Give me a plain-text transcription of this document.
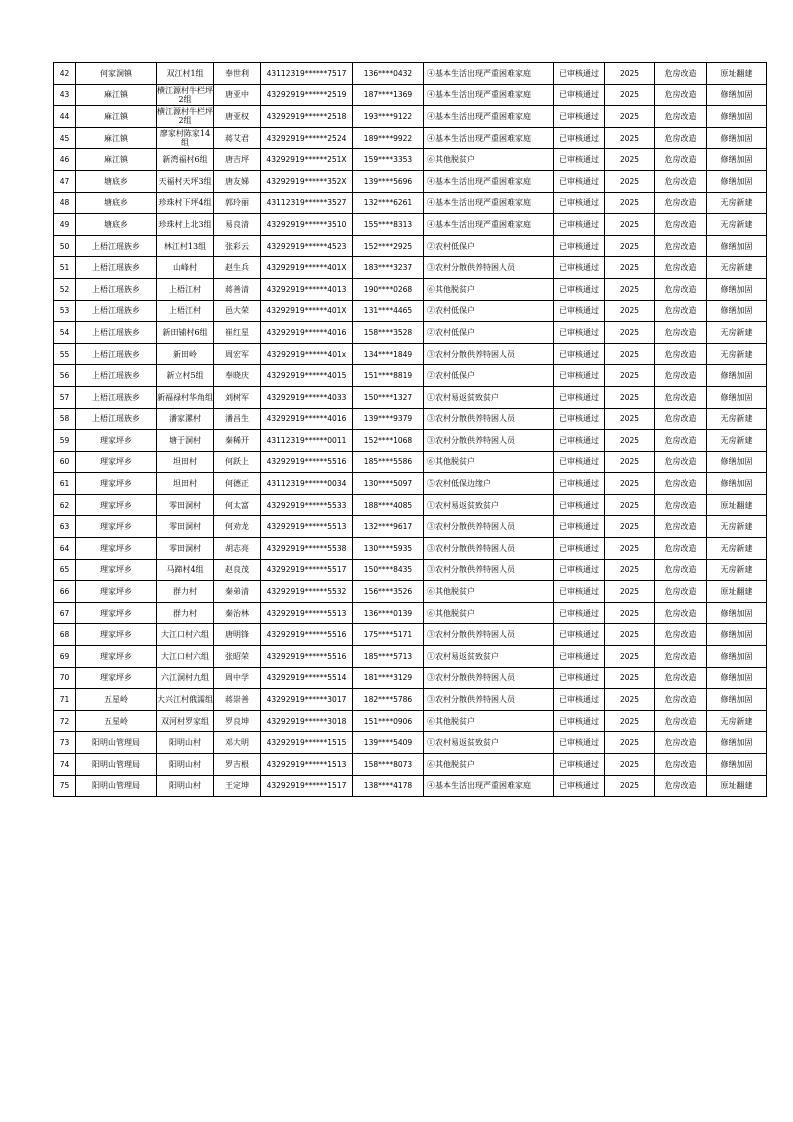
42	何家洞镇	双江村1组	奉世利	43112319******7517	136****0432	④基本生活出现严重困难家庭	已审核通过	2025	危房改造	原址翻建
43	麻江镇	横江源村牛栏坪2组	唐亚中	43292919******2519	187****1369	④基本生活出现严重困难家庭	已审核通过	2025	危房改造	修缮加固
44	麻江镇	横江源村牛栏坪2组	唐亚权	43292919******2518	193****9122	④基本生活出现严重困难家庭	已审核通过	2025	危房改造	修缮加固
45	麻江镇	廖家村陈家14组	蒋艾君	43292919******2524	189****9922	④基本生活出现严重困难家庭	已审核通过	2025	危房改造	修缮加固
46	麻江镇	新湾福村6组	唐吉坪	43292919******251X	159****3353	⑥其他脱贫户	已审核通过	2025	危房改造	修缮加固
47	塘底乡	天福村天坪3组	唐友娣	43292919******352X	139****5696	④基本生活出现严重困难家庭	已审核通过	2025	危房改造	修缮加固
48	塘底乡	珍珠村下坪4组	郭玲丽	43112319******3527	132****6261	④基本生活出现严重困难家庭	已审核通过	2025	危房改造	无房新建
49	塘底乡	珍珠村上北3组	易良清	43292919******3510	155****8313	④基本生活出现严重困难家庭	已审核通过	2025	危房改造	无房新建
50	上梧江瑶族乡	林江村13组	张彩云	43292919******4523	152****2925	②农村低保户	已审核通过	2025	危房改造	修缮加固
51	上梧江瑶族乡	山峰村	赵生兵	43292919******401X	183****3237	③农村分散供养特困人员	已审核通过	2025	危房改造	无房新建
52	上梧江瑶族乡	上梧江村	蒋善清	43292919******4013	190****0268	⑥其他脱贫户	已审核通过	2025	危房改造	修缮加固
53	上梧江瑶族乡	上梧江村	邑大荣	43292919******401X	131****4465	②农村低保户	已审核通过	2025	危房改造	修缮加固
54	上梧江瑶族乡	新田铺村6组	崔红星	43292919******4016	158****3528	②农村低保户	已审核通过	2025	危房改造	无房新建
55	上梧江瑶族乡	新田岭	周宏军	43292919******401x	134****1849	③农村分散供养特困人员	已审核通过	2025	危房改造	无房新建
56	上梧江瑶族乡	新立村5组	奉晓庆	43292919******4015	151****8819	②农村低保户	已审核通过	2025	危房改造	修缮加固
57	上梧江瑶族乡	新福禄村华角组	刘树军	43292919******4033	150****1327	①农村易返贫致贫户	已审核通过	2025	危房改造	修缮加固
58	上梧江瑶族乡	潘家漯村	潘昌生	43292919******4016	139****9379	③农村分散供养特困人员	已审核通过	2025	危房改造	无房新建
59	理家坪乡	塘于洞村	秦稀开	43112319******0011	152****1068	③农村分散供养特困人员	已审核通过	2025	危房改造	无房新建
60	理家坪乡	坦田村	何跃上	43292919******5516	185****5586	⑥其他脱贫户	已审核通过	2025	危房改造	修缮加固
61	理家坪乡	坦田村	何德正	43112319******0034	130****5097	⑤农村低保边缘户	已审核通过	2025	危房改造	修缮加固
62	理家坪乡	零田洞村	何太富	43292919******5533	188****4085	①农村易返贫致贫户	已审核通过	2025	危房改造	原址翻建
63	理家坪乡	零田洞村	何劝龙	43292919******5513	132****9617	③农村分散供养特困人员	已审核通过	2025	危房改造	无房新建
64	理家坪乡	零田洞村	胡志亮	43292919******5538	130****5935	③农村分散供养特困人员	已审核通过	2025	危房改造	无房新建
65	理家坪乡	马蹄村4组	赵良茂	43292919******5517	150****8435	③农村分散供养特困人员	已审核通过	2025	危房改造	无房新建
66	理家坪乡	群力村	秦弟清	43292919******5532	156****3526	⑥其他脱贫户	已审核通过	2025	危房改造	原址翻建
67	理家坪乡	群力村	秦治林	43292919******5513	136****0139	⑥其他脱贫户	已审核通过	2025	危房改造	修缮加固
68	理家坪乡	大江口村六组	唐明锋	43292919******5516	175****5171	③农村分散供养特困人员	已审核通过	2025	危房改造	修缮加固
69	理家坪乡	大江口村六组	张昭荣	43292919******5516	185****5713	①农村易返贫致贫户	已审核通过	2025	危房改造	修缮加固
70	理家坪乡	六江洞村九组	周中学	43292919******5514	181****3129	③农村分散供养特困人员	已审核通过	2025	危房改造	修缮加固
71	五星岭	大兴江村俄濡组	蒋崇善	43292919******3017	182****5786	③农村分散供养特困人员	已审核通过	2025	危房改造	修缮加固
72	五星岭	双河村罗家组	罗良坤	43292919******3018	151****0906	⑥其他脱贫户	已审核通过	2025	危房改造	无房新建
73	阳明山管理局	阳明山村	邓大明	43292919******1515	139****5409	①农村易返贫致贫户	已审核通过	2025	危房改造	修缮加固
74	阳明山管理局	阳明山村	罗吉根	43292919******1513	158****8073	⑥其他脱贫户	已审核通过	2025	危房改造	修缮加固
75	阳明山管理局	阳明山村	王定坤	43292919******1517	138****4178	④基本生活出现严重困难家庭	已审核通过	2025	危房改造	原址翻建
